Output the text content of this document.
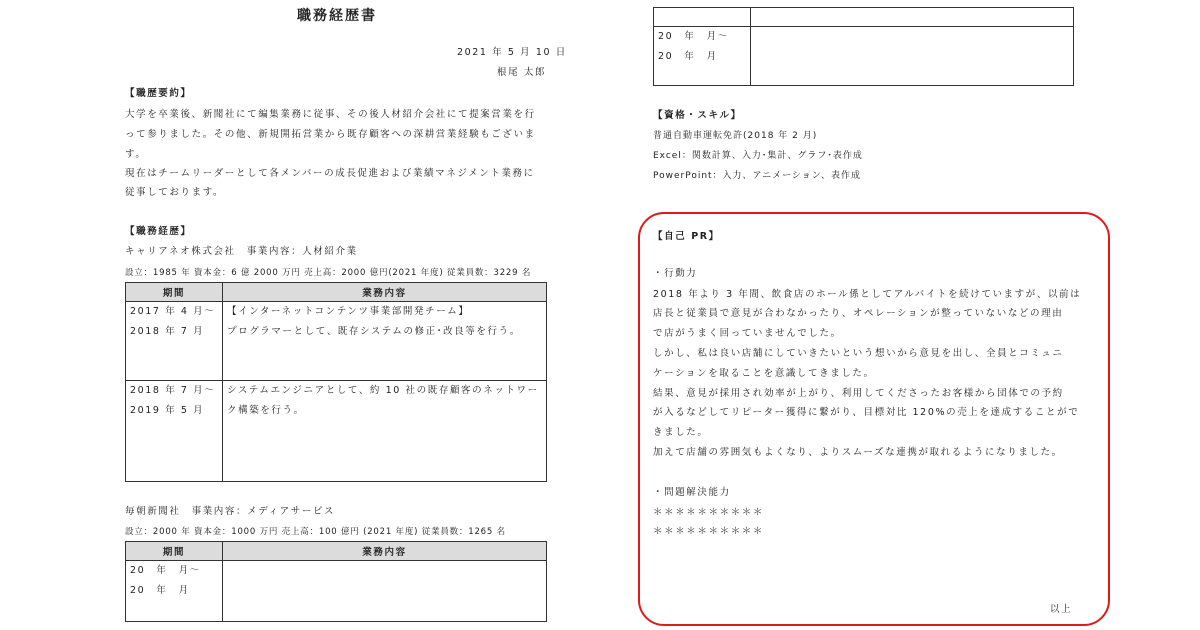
職務経歴書
2021 年 5 月 10 日
根尾 太郎
【職歴要約】
大学を卒業後、新聞社にて編集業務に従事、その後人材紹介会社にて提案営業を行
って参りました。その他、新規開拓営業から既存顧客への深耕営業経験もございま
す。
現在はチームリーダーとして各メンバーの成長促進および業績マネジメント業務に
従事しております。
【職務経歴】
キャリアネオ株式会社　事業内容：人材紹介業
設立：1985 年 資本金：6 億 2000 万円 売上高：2000 億円(2021 年度) 従業員数：3229 名
期間	業務内容

2017 年 4 月～
2018 年 7 月	【インターネットコンテンツ事業部開発チーム】
プログラマーとして、既存システムの修正･改良等を行う。

2018 年 7 月～
2019 年 5 月	システムエンジニアとして、約 10 社の既存顧客のネットワー
ク構築を行う。
毎朝新聞社　事業内容：メディアサービス
設立：2000 年 資本金：1000 万円 売上高：100 億円 (2021 年度) 従業員数：1265 名
期間	業務内容

20　年　月～
20　年　月	

20　年　月～
20　年　月	

【資格・スキル】
普通自動車運転免許(2018 年 2 月)
Excel：関数計算、入力･集計、グラフ･表作成
PowerPoint：入力、アニメーション、表作成
【自己 PR】
・行動力
2018 年より 3 年間、飲食店のホール係としてアルバイトを続けていますが、以前は
店長と従業員で意見が合わなかったり、オペレーションが整っていないなどの理由
で店がうまく回っていませんでした。
しかし、私は良い店舗にしていきたいという想いから意見を出し、全員とコミュニ
ケーションを取ることを意識してきました。
結果、意見が採用され効率が上がり、利用してくださったお客様から団体での予約
が入るなどしてリピーター獲得に繋がり、目標対比 120%の売上を達成することがで
きました。
加えて店舗の雰囲気もよくなり、よりスムーズな連携が取れるようになりました。
・問題解決能力
＊＊＊＊＊＊＊＊＊＊
＊＊＊＊＊＊＊＊＊＊
以上
